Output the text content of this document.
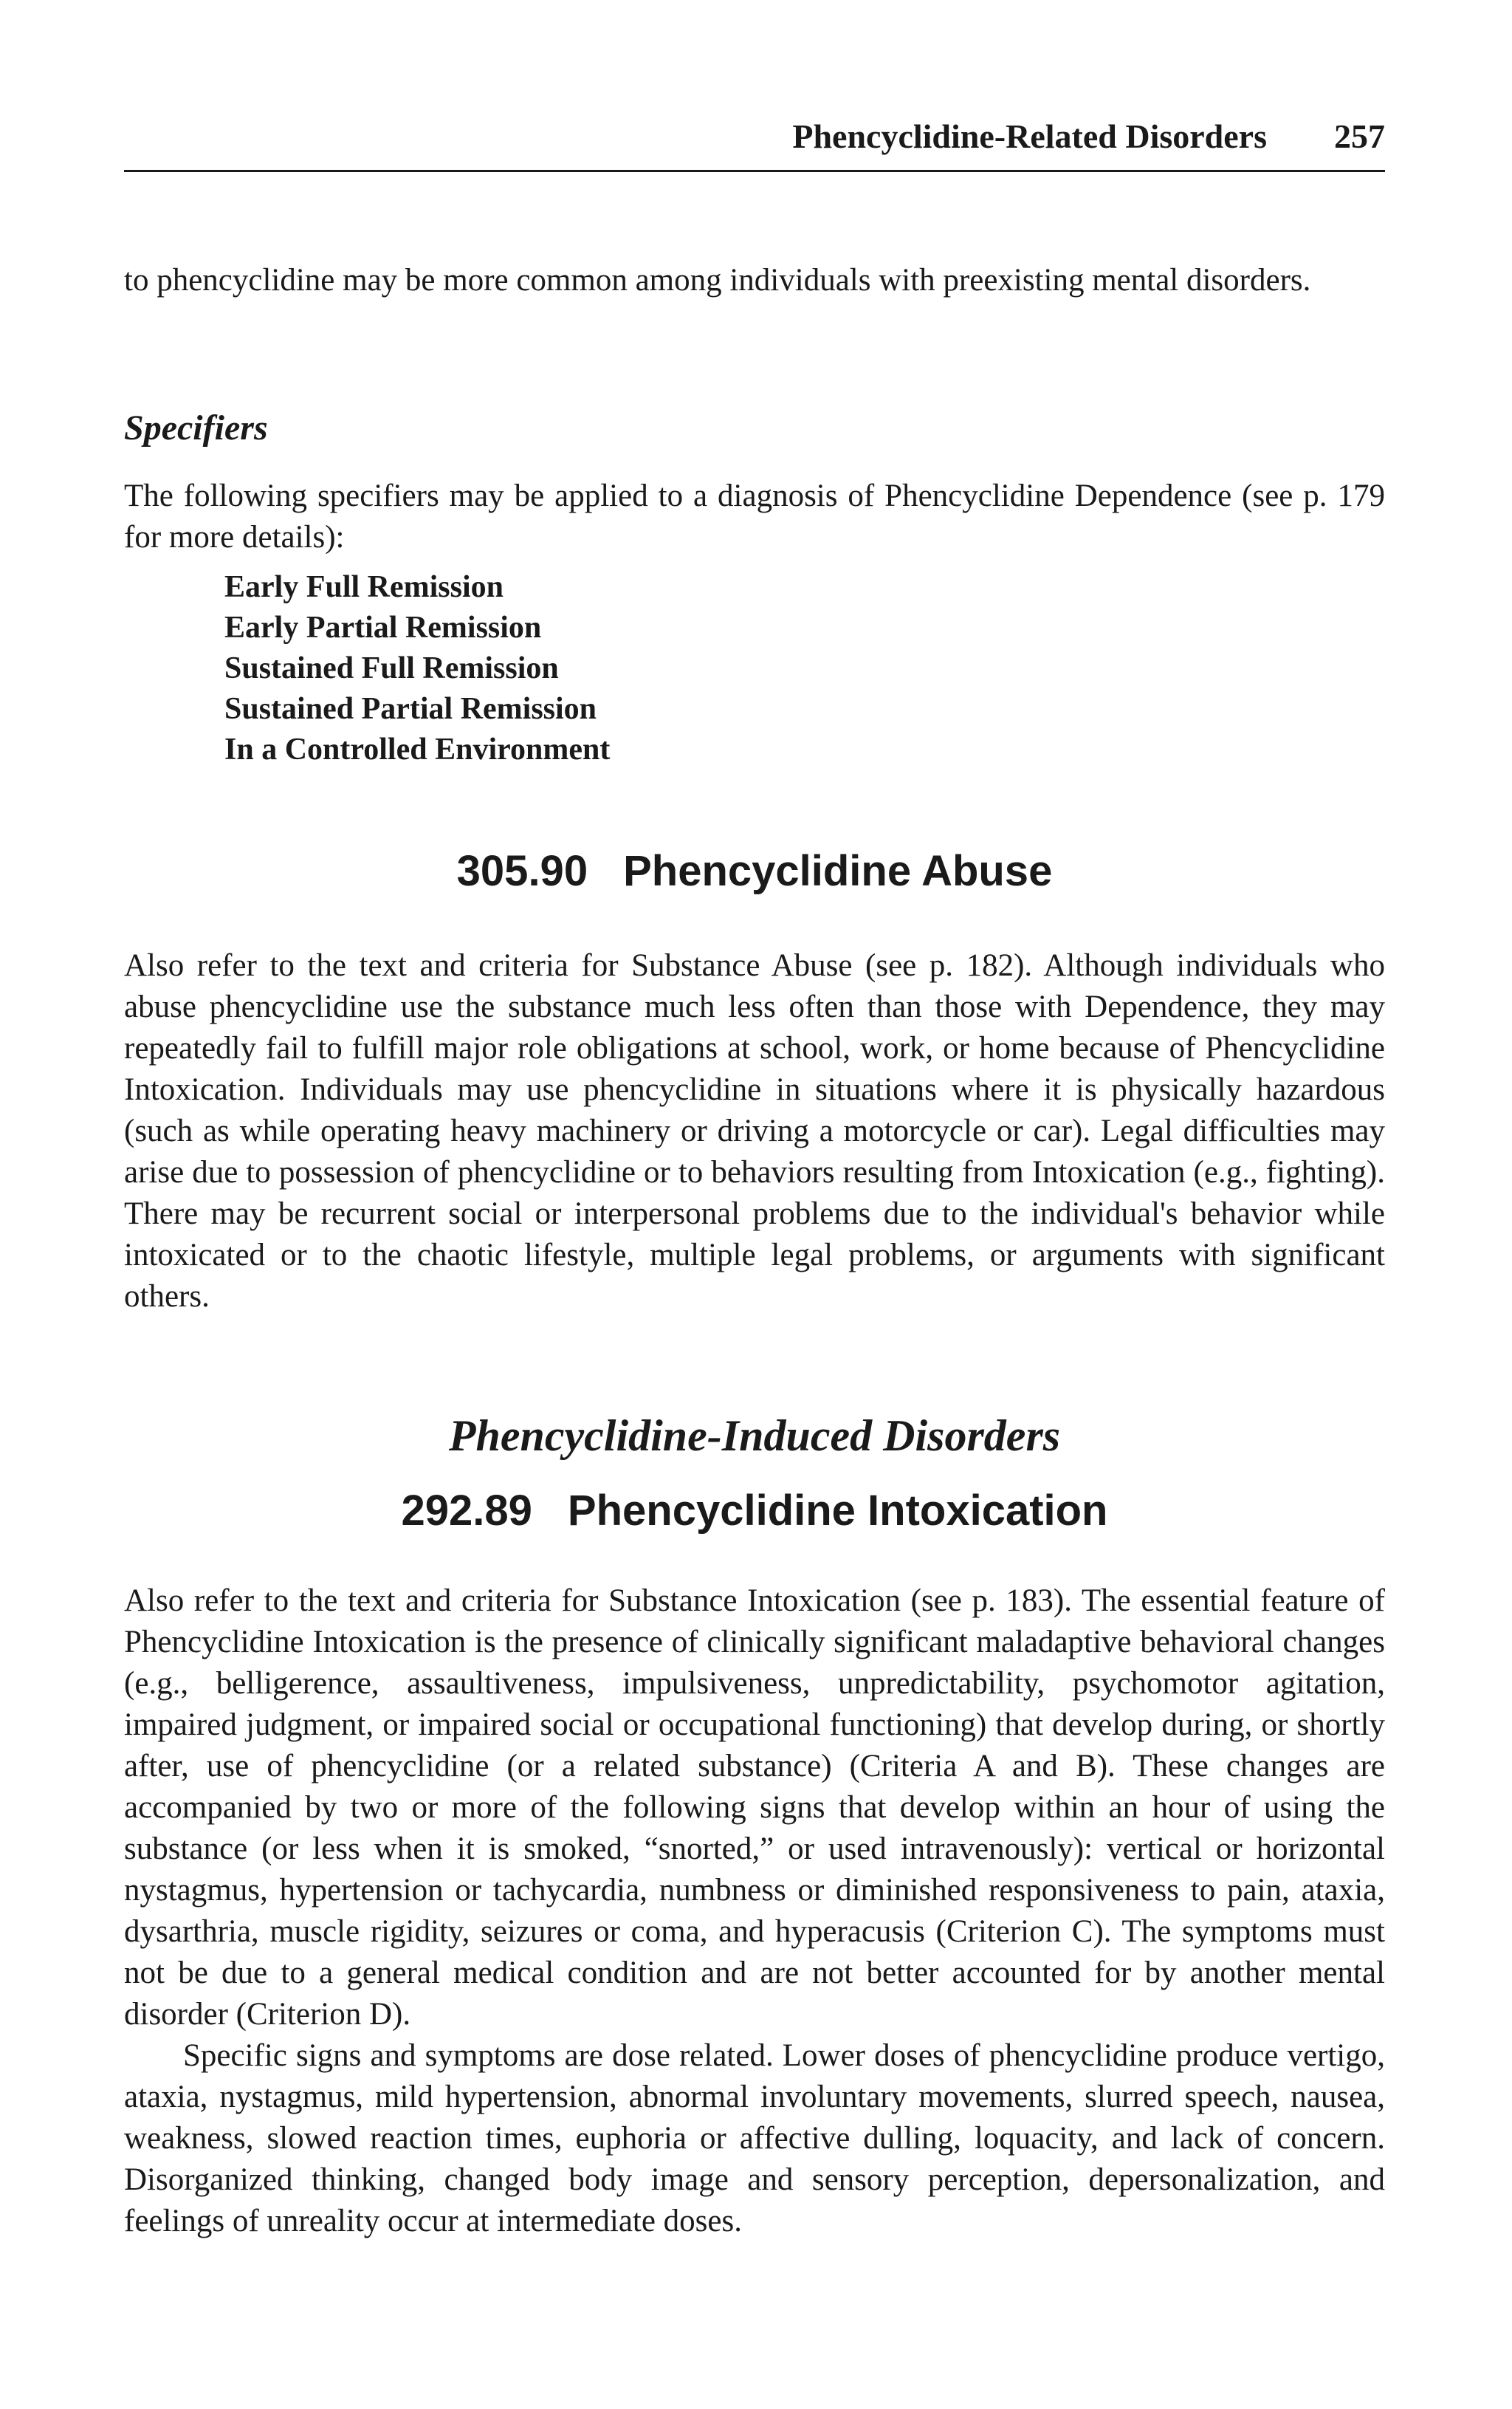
Phencyclidine-Related Disorders 257

to phencyclidine may be more common among individuals with preexisting mental disorders.

Specifiers

The following specifiers may be applied to a diagnosis of Phencyclidine Dependence (see p. 179 for more details):

Early Full Remission
Early Partial Remission
Sustained Full Remission
Sustained Partial Remission
In a Controlled Environment
305.90 Phencyclidine Abuse

Also refer to the text and criteria for Substance Abuse (see p. 182). Although individuals who abuse phencyclidine use the substance much less often than those with Dependence, they may repeatedly fail to fulfill major role obligations at school, work, or home because of Phencyclidine Intoxication. Individuals may use phencyclidine in situations where it is physically hazardous (such as while operating heavy machinery or driving a motorcycle or car). Legal difficulties may arise due to possession of phencyclidine or to behaviors resulting from Intoxication (e.g., fighting). There may be recurrent social or interpersonal problems due to the individual's behavior while intoxicated or to the chaotic lifestyle, multiple legal problems, or arguments with significant others.

Phencyclidine-Induced Disorders
292.89 Phencyclidine Intoxication

Also refer to the text and criteria for Substance Intoxication (see p. 183). The essential feature of Phencyclidine Intoxication is the presence of clinically significant maladaptive behavioral changes (e.g., belligerence, assaultiveness, impulsiveness, unpredictability, psychomotor agitation, impaired judgment, or impaired social or occupational functioning) that develop during, or shortly after, use of phencyclidine (or a related substance) (Criteria A and B). These changes are accompanied by two or more of the following signs that develop within an hour of using the substance (or less when it is smoked, “snorted,” or used intravenously): vertical or horizontal nystagmus, hypertension or tachycardia, numbness or diminished responsiveness to pain, ataxia, dysarthria, muscle rigidity, seizures or coma, and hyperacusis (Criterion C). The symptoms must not be due to a general medical condition and are not better accounted for by another mental disorder (Criterion D).

Specific signs and symptoms are dose related. Lower doses of phencyclidine produce vertigo, ataxia, nystagmus, mild hypertension, abnormal involuntary movements, slurred speech, nausea, weakness, slowed reaction times, euphoria or affective dulling, loquacity, and lack of concern. Disorganized thinking, changed body image and sensory perception, depersonalization, and feelings of unreality occur at intermediate doses.
